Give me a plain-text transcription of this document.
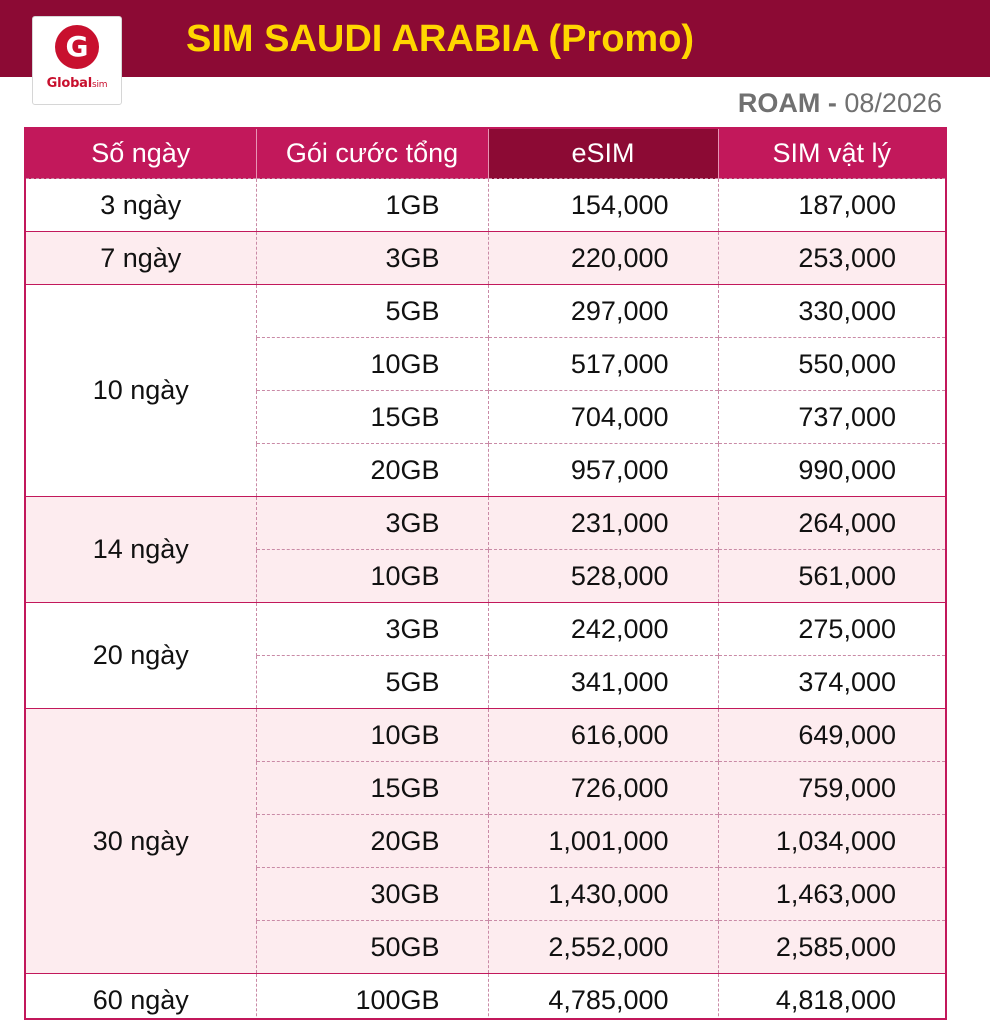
G
Globalsim
SIM SAUDI ARABIA (Promo)
ROAM - 08/2026
Số ngày	Gói cước tổng	eSIM	SIM vật lý
3 ngày	1GB	154,000	187,000
7 ngày	3GB	220,000	253,000
10 ngày	5GB	297,000	330,000
	10GB	517,000	550,000
	15GB	704,000	737,000
	20GB	957,000	990,000
14 ngày	3GB	231,000	264,000
	10GB	528,000	561,000
20 ngày	3GB	242,000	275,000
	5GB	341,000	374,000
30 ngày	10GB	616,000	649,000
	15GB	726,000	759,000
	20GB	1,001,000	1,034,000
	30GB	1,430,000	1,463,000
	50GB	2,552,000	2,585,000
60 ngày	100GB	4,785,000	4,818,000
